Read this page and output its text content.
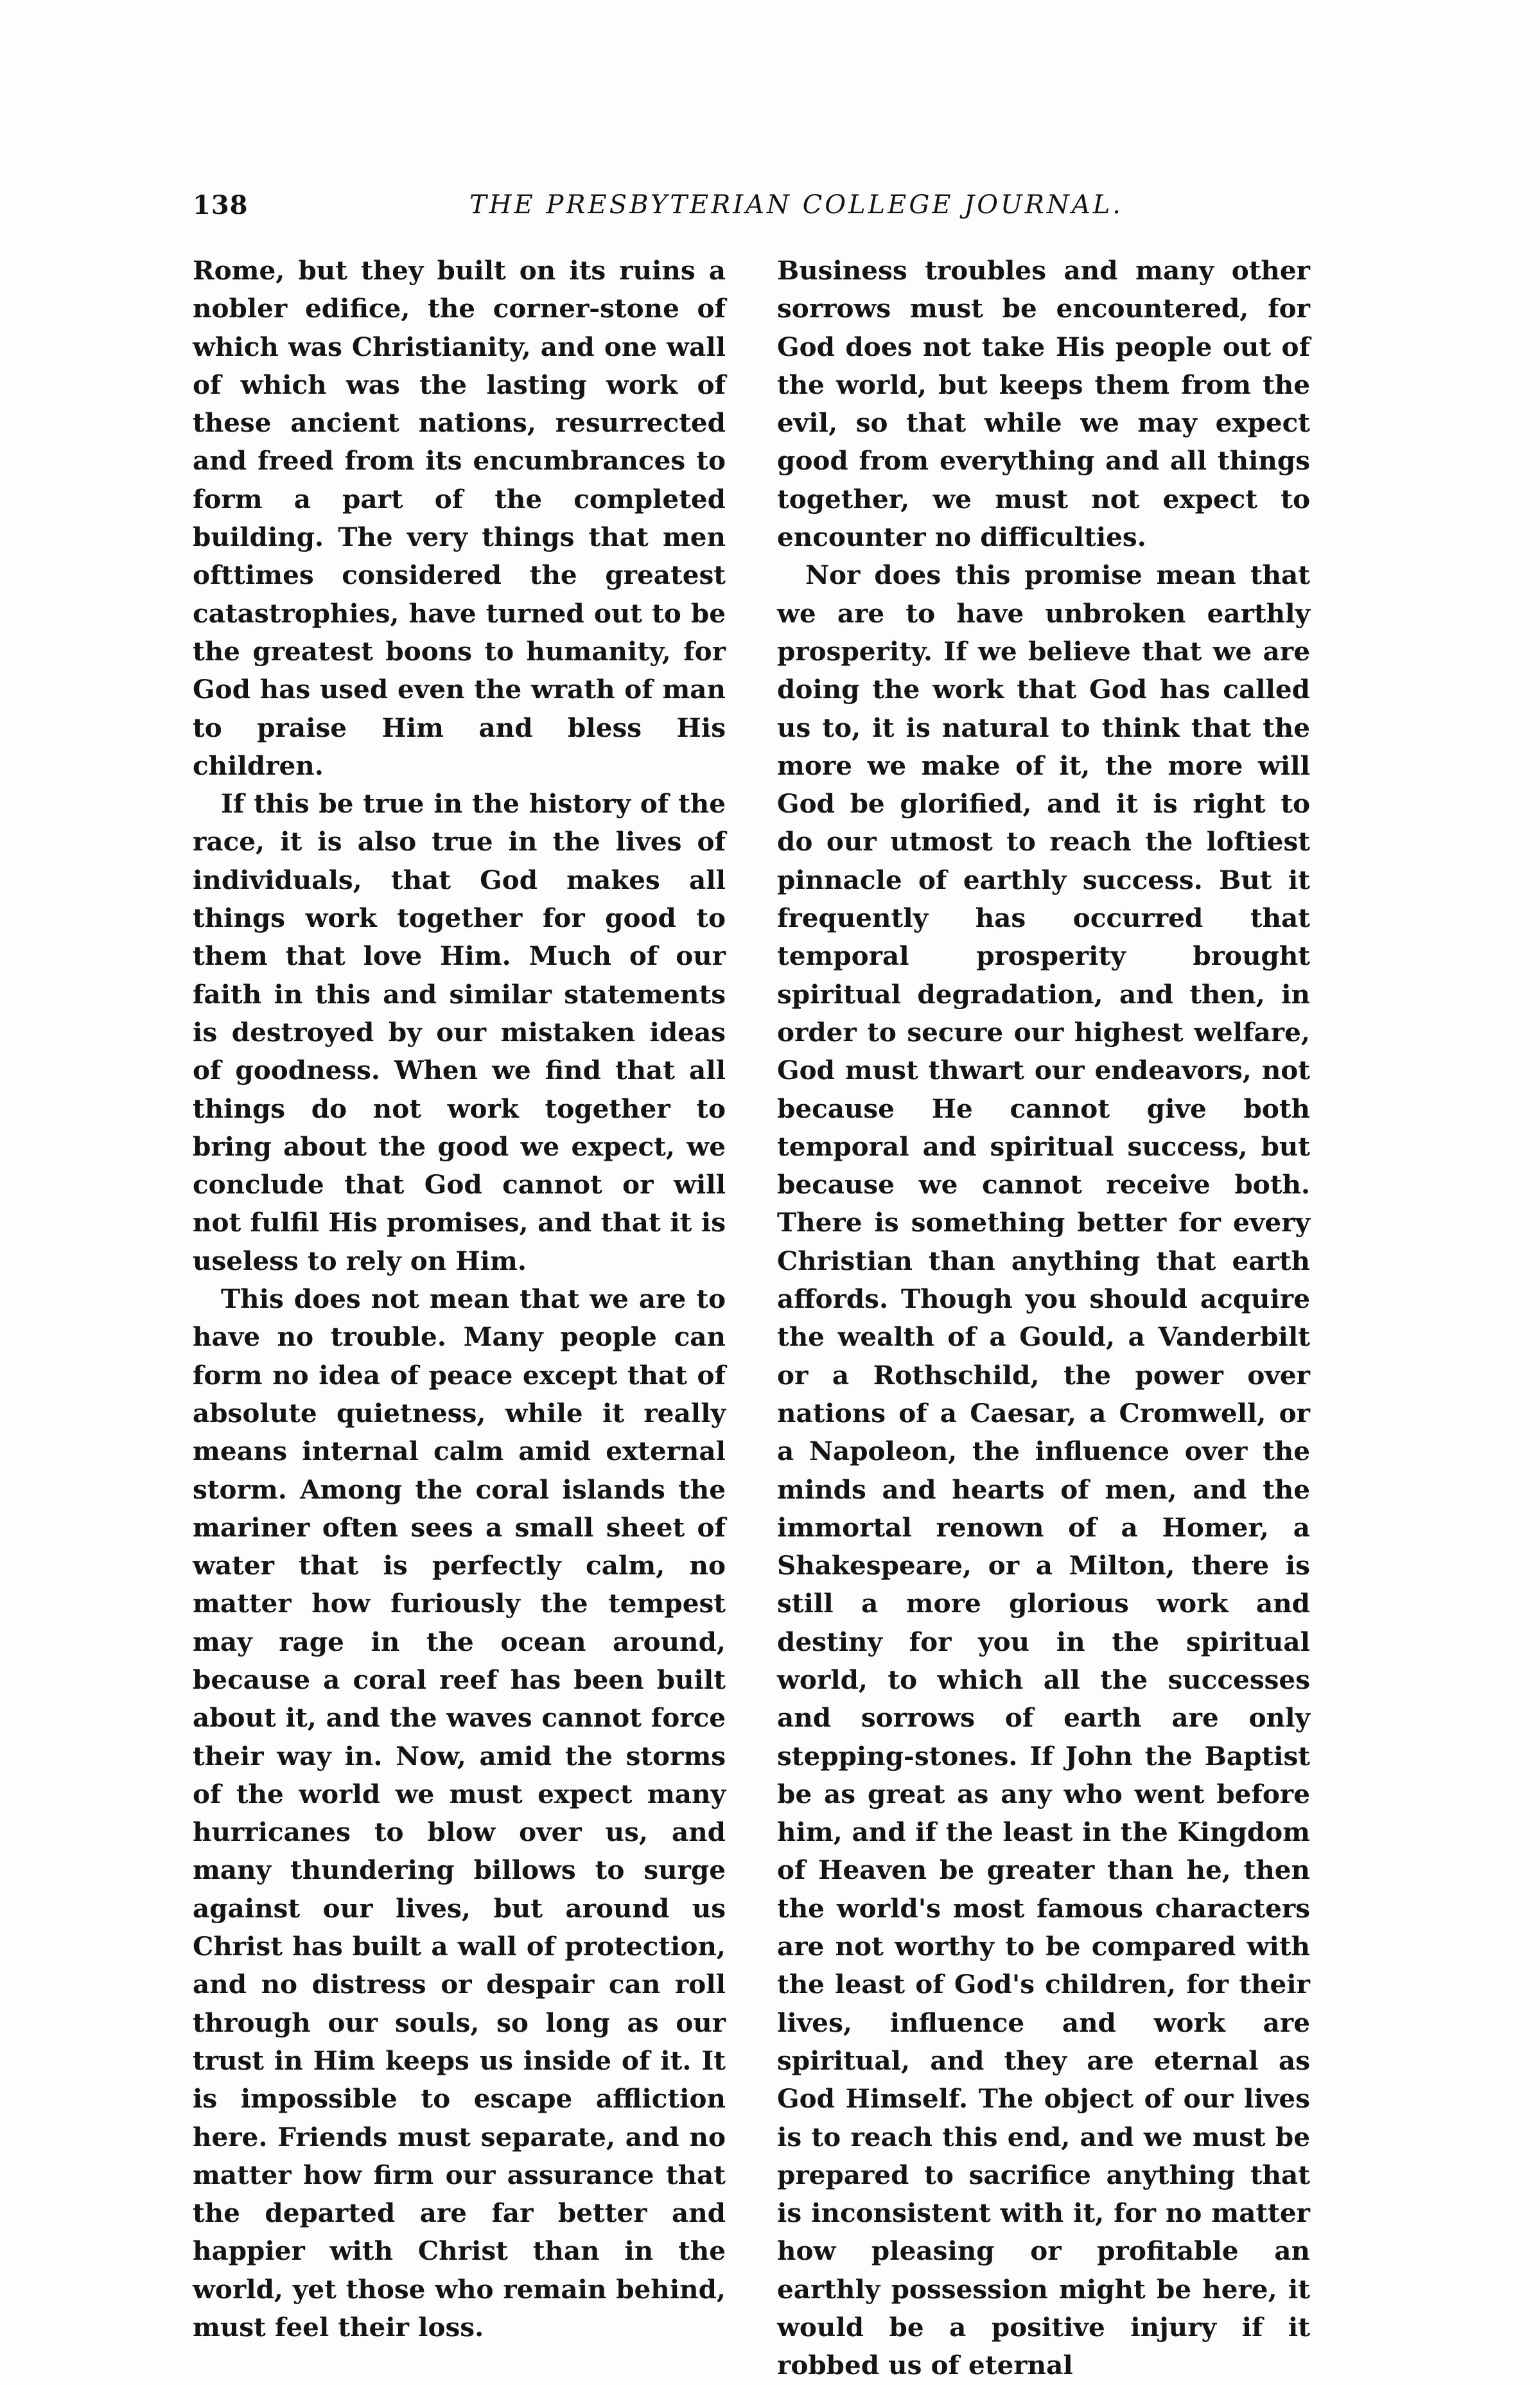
138	THE PRESBYTERIAN COLLEGE JOURNAL.

Rome, but they built on its ruins a nobler edifice, the corner-stone of which was Christianity, and one wall of which was the lasting work of these ancient nations, resurrected and freed from its encumbrances to form a part of the completed building. The very things that men ofttimes considered the greatest catastrophies, have turned out to be the greatest boons to humanity, for God has used even the wrath of man to praise Him and bless His children.

If this be true in the history of the race, it is also true in the lives of individuals, that God makes all things work together for good to them that love Him. Much of our faith in this and similar statements is destroyed by our mistaken ideas of goodness. When we find that all things do not work together to bring about the good we expect, we conclude that God cannot or will not fulfil His promises, and that it is useless to rely on Him.

This does not mean that we are to have no trouble. Many people can form no idea of peace except that of absolute quietness, while it really means internal calm amid external storm. Among the coral islands the mariner often sees a small sheet of water that is perfectly calm, no matter how furiously the tempest may rage in the ocean around, because a coral reef has been built about it, and the waves cannot force their way in. Now, amid the storms of the world we must expect many hurricanes to blow over us, and many thundering billows to surge against our lives, but around us Christ has built a wall of protection, and no distress or despair can roll through our souls, so long as our trust in Him keeps us inside of it. It is impossible to escape affliction here. Friends must separate, and no matter how firm our assurance that the departed are far better and happier with Christ than in the world, yet those who remain behind, must feel their loss.

Business troubles and many other sorrows must be encountered, for God does not take His people out of the world, but keeps them from the evil, so that while we may expect good from everything and all things together, we must not expect to encounter no difficulties.

Nor does this promise mean that we are to have unbroken earthly prosperity. If we believe that we are doing the work that God has called us to, it is natural to think that the more we make of it, the more will God be glorified, and it is right to do our utmost to reach the loftiest pinnacle of earthly success. But it frequently has occurred that temporal prosperity brought spiritual degradation, and then, in order to secure our highest welfare, God must thwart our endeavors, not because He cannot give both temporal and spiritual success, but because we cannot receive both. There is something better for every Christian than anything that earth affords. Though you should acquire the wealth of a Gould, a Vanderbilt or a Rothschild, the power over nations of a Caesar, a Cromwell, or a Napoleon, the influence over the minds and hearts of men, and the immortal renown of a Homer, a Shakespeare, or a Milton, there is still a more glorious work and destiny for you in the spiritual world, to which all the successes and sorrows of earth are only stepping-stones. If John the Baptist be as great as any who went before him, and if the least in the Kingdom of Heaven be greater than he, then the world's most famous characters are not worthy to be compared with the least of God's children, for their lives, influence and work are spiritual, and they are eternal as God Himself. The object of our lives is to reach this end, and we must be prepared to sacrifice anything that is inconsistent with it, for no matter how pleasing or profitable an earthly possession might be here, it would be a positive injury if it robbed us of eternal
